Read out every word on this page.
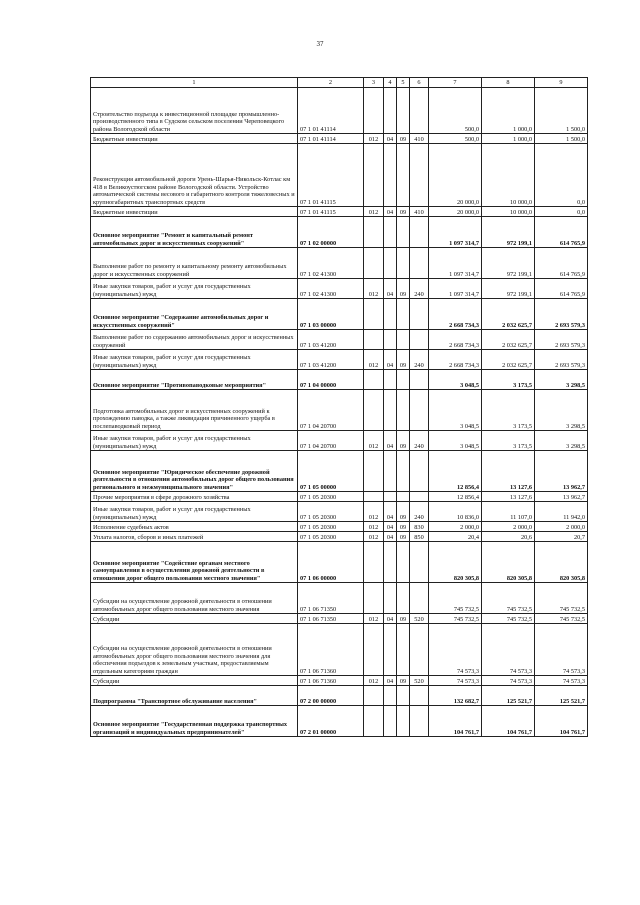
37
1	2	3	4	5	6	7	8	9
Строительство подъезда к инвестиционной площадке промышленно-производственного типа в Судском сельском поселении Череповецкого района Вологодской области	07 1 01 41114					500,0	1 000,0	1 500,0
Бюджетные инвестиции	07 1 01 41114	012	04	09	410	500,0	1 000,0	1 500,0
Реконструкция автомобильной дороги Урень-Шарья-Никольск-Котлас км 418 в Великоустюгском районе Вологодской области. Устройство автоматической системы весового и габаритного контроля тяжеловесных и крупногабаритных транспортных средств	07 1 01 41115					20 000,0	10 000,0	0,0
Бюджетные инвестиции	07 1 01 41115	012	04	09	410	20 000,0	10 000,0	0,0
Основное мероприятие "Ремонт и капитальный ремонт автомобильных дорог и искусственных сооружений"	07 1 02 00000					1 097 314,7	972 199,1	614 765,9
Выполнение работ по ремонту и капитальному ремонту автомобильных дорог и искусственных сооружений	07 1 02 41300					1 097 314,7	972 199,1	614 765,9
Иные закупки товаров, работ и услуг для государственных (муниципальных) нужд	07 1 02 41300	012	04	09	240	1 097 314,7	972 199,1	614 765,9
Основное мероприятие "Содержание автомобильных дорог и искусственных сооружений"	07 1 03 00000					2 668 734,3	2 032 625,7	2 693 579,3
Выполнение работ по содержанию автомобильных дорог и искусственных сооружений	07 1 03 41200					2 668 734,3	2 032 625,7	2 693 579,3
Иные закупки товаров, работ и услуг для государственных (муниципальных) нужд	07 1 03 41200	012	04	09	240	2 668 734,3	2 032 625,7	2 693 579,3
Основное мероприятие "Противопаводковые мероприятия"	07 1 04 00000					3 048,5	3 173,5	3 298,5
Подготовка автомобильных дорог и искусственных сооружений к прохождению паводка, а также ликвидация причиненного ущерба в послепаводковый период	07 1 04 20700					3 048,5	3 173,5	3 298,5
Иные закупки товаров, работ и услуг для государственных (муниципальных) нужд	07 1 04 20700	012	04	09	240	3 048,5	3 173,5	3 298,5
Основное мероприятие "Юридическое обеспечение дорожной деятельности в отношении автомобильных дорог общего пользования регионального и межмуниципального значения"	07 1 05 00000					12 856,4	13 127,6	13 962,7
Прочие мероприятия в сфере дорожного хозяйства	07 1 05 20300					12 856,4	13 127,6	13 962,7
Иные закупки товаров, работ и услуг для государственных (муниципальных) нужд	07 1 05 20300	012	04	09	240	10 836,0	11 107,0	11 942,0
Исполнение судебных актов	07 1 05 20300	012	04	09	830	2 000,0	2 000,0	2 000,0
Уплата налогов, сборов и иных платежей	07 1 05 20300	012	04	09	850	20,4	20,6	20,7
Основное мероприятие "Содействие органам местного самоуправления в осуществлении дорожной деятельности в отношении дорог общего пользования местного значения"	07 1 06 00000					820 305,8	820 305,8	820 305,8
Субсидии на осуществление дорожной деятельности в отношении автомобильных дорог общего пользования местного значения	07 1 06 71350					745 732,5	745 732,5	745 732,5
Субсидии	07 1 06 71350	012	04	09	520	745 732,5	745 732,5	745 732,5
Субсидии на осуществление дорожной деятельности в отношении автомобильных дорог общего пользования местного значения для обеспечения подъездов к земельным участкам, предоставляемым отдельным категориям граждан	07 1 06 71360					74 573,3	74 573,3	74 573,3
Субсидии	07 1 06 71360	012	04	09	520	74 573,3	74 573,3	74 573,3
Подпрограмма "Транспортное обслуживание населения"	07 2 00 00000					132 682,7	125 521,7	125 521,7
Основное мероприятие "Государственная поддержка транспортных организаций и индивидуальных предпринимателей"	07 2 01 00000					104 761,7	104 761,7	104 761,7
